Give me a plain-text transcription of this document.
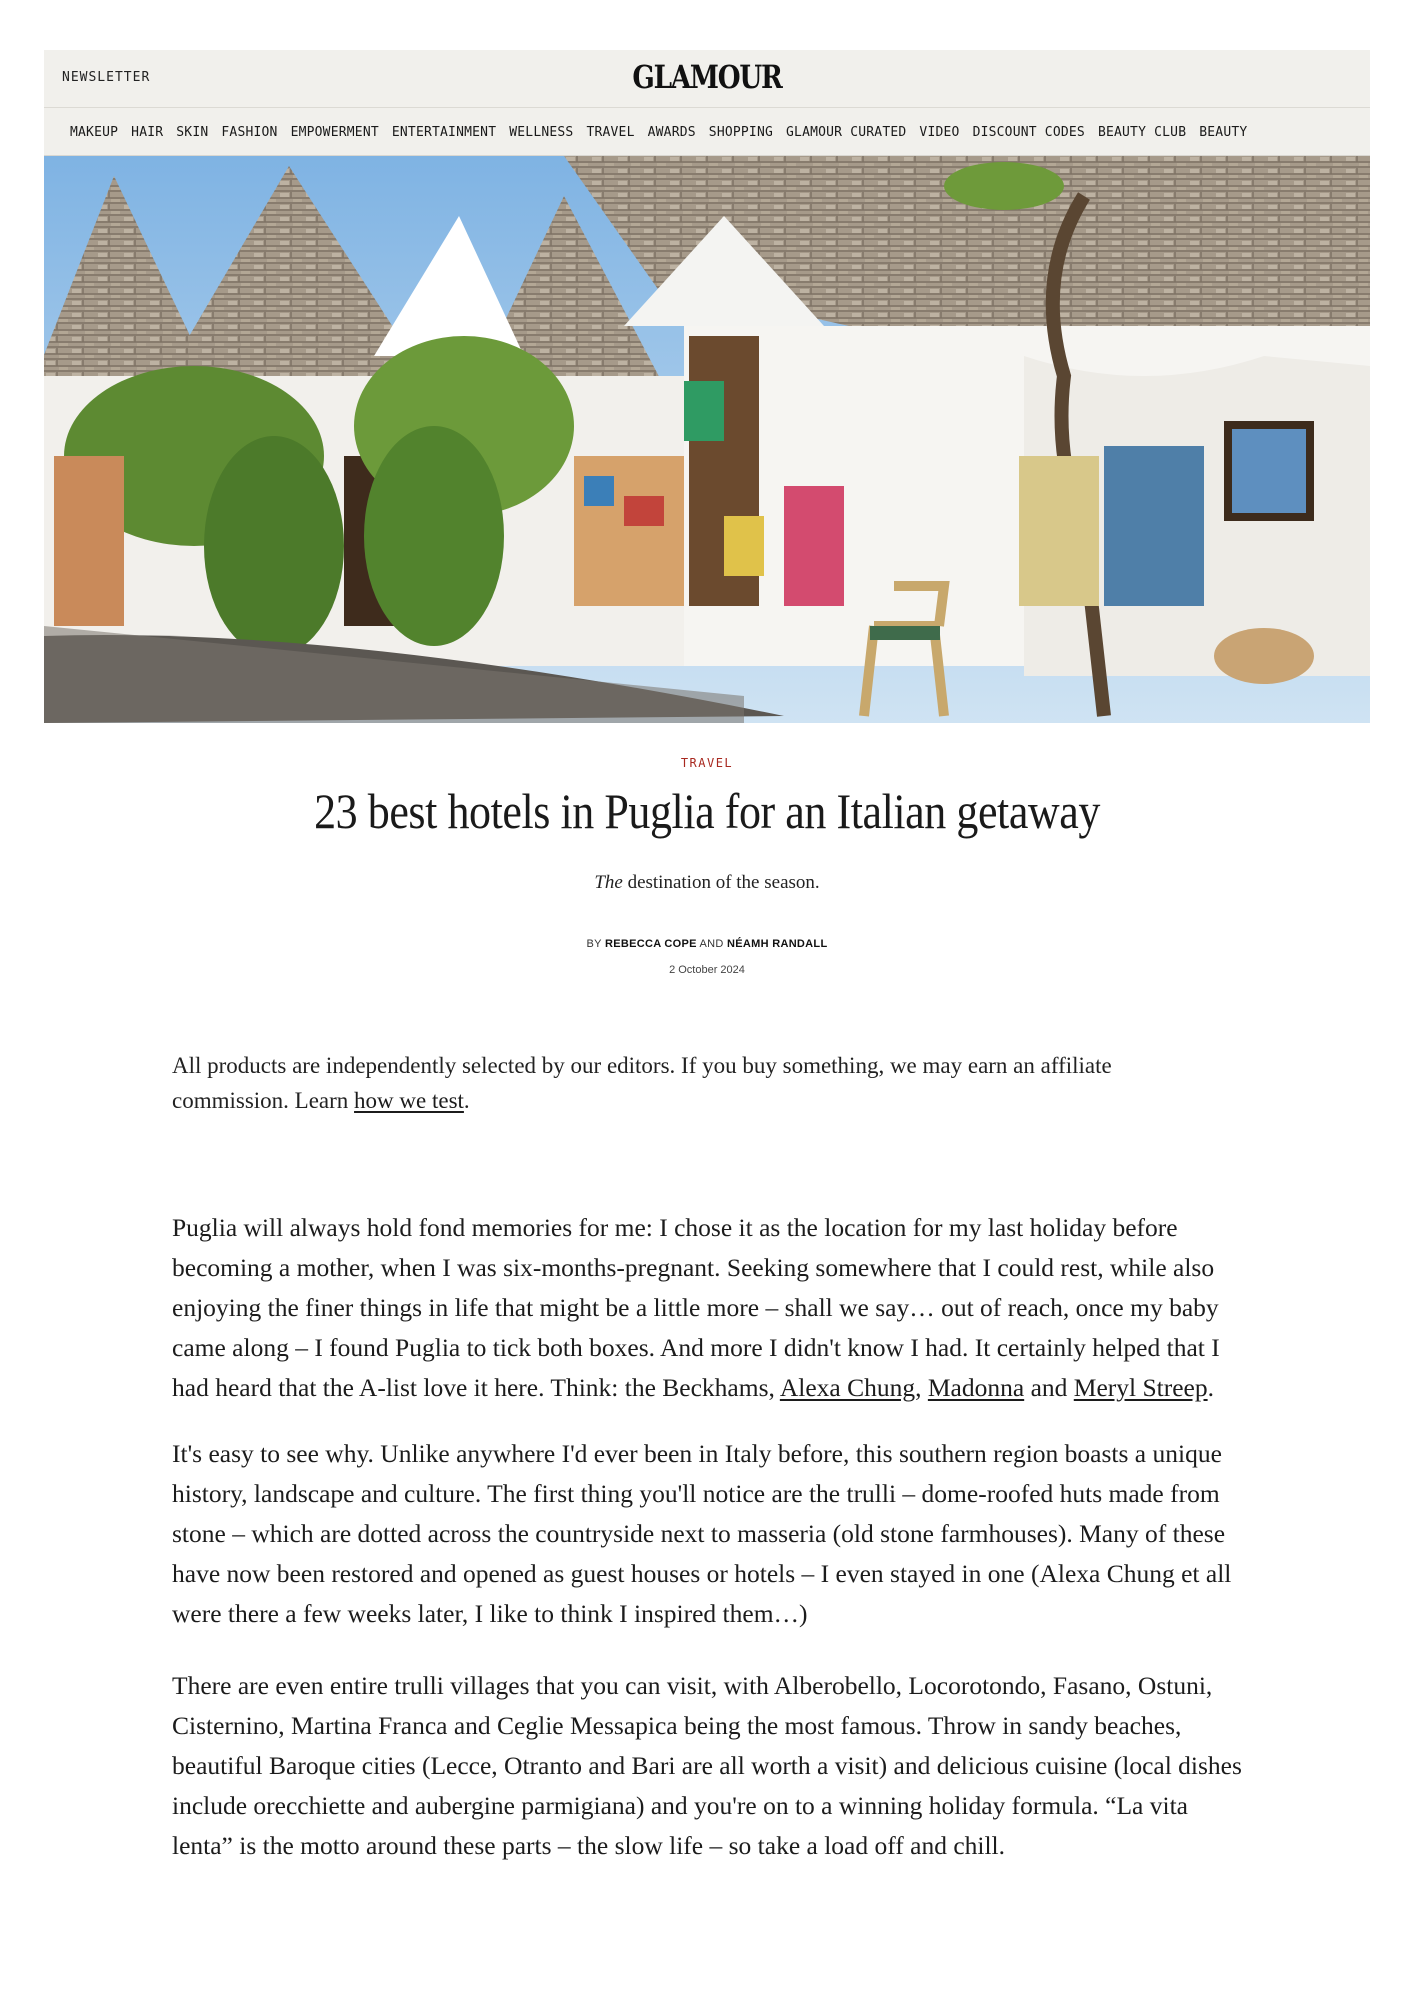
NEWSLETTER	GLAMOUR
MAKEUP HAIR SKIN FASHION EMPOWERMENT ENTERTAINMENT WELLNESS TRAVEL AWARDS SHOPPING GLAMOUR CURATED VIDEO DISCOUNT CODES BEAUTY CLUB BEAUTY
TRAVEL
23 best hotels in Puglia for an Italian getaway
The destination of the season.
BY REBECCA COPE AND NÉAMH RANDALL
2 October 2024

All products are independently selected by our editors. If you buy something, we may earn an affiliate commission. Learn how we test.

Puglia will always hold fond memories for me: I chose it as the location for my last holiday before becoming a mother, when I was six-months-pregnant. Seeking somewhere that I could rest, while also enjoying the finer things in life that might be a little more – shall we say… out of reach, once my baby came along – I found Puglia to tick both boxes. And more I didn't know I had. It certainly helped that I had heard that the A-list love it here. Think: the Beckhams, Alexa Chung, Madonna and Meryl Streep.

It's easy to see why. Unlike anywhere I'd ever been in Italy before, this southern region boasts a unique history, landscape and culture. The first thing you'll notice are the trulli – dome-roofed huts made from stone – which are dotted across the countryside next to masseria (old stone farmhouses). Many of these have now been restored and opened as guest houses or hotels – I even stayed in one (Alexa Chung et all were there a few weeks later, I like to think I inspired them…)

There are even entire trulli villages that you can visit, with Alberobello, Locorotondo, Fasano, Ostuni, Cisternino, Martina Franca and Ceglie Messapica being the most famous. Throw in sandy beaches, beautiful Baroque cities (Lecce, Otranto and Bari are all worth a visit) and delicious cuisine (local dishes include orecchiette and aubergine parmigiana) and you're on to a winning holiday formula. “La vita lenta” is the motto around these parts – the slow life – so take a load off and chill.
